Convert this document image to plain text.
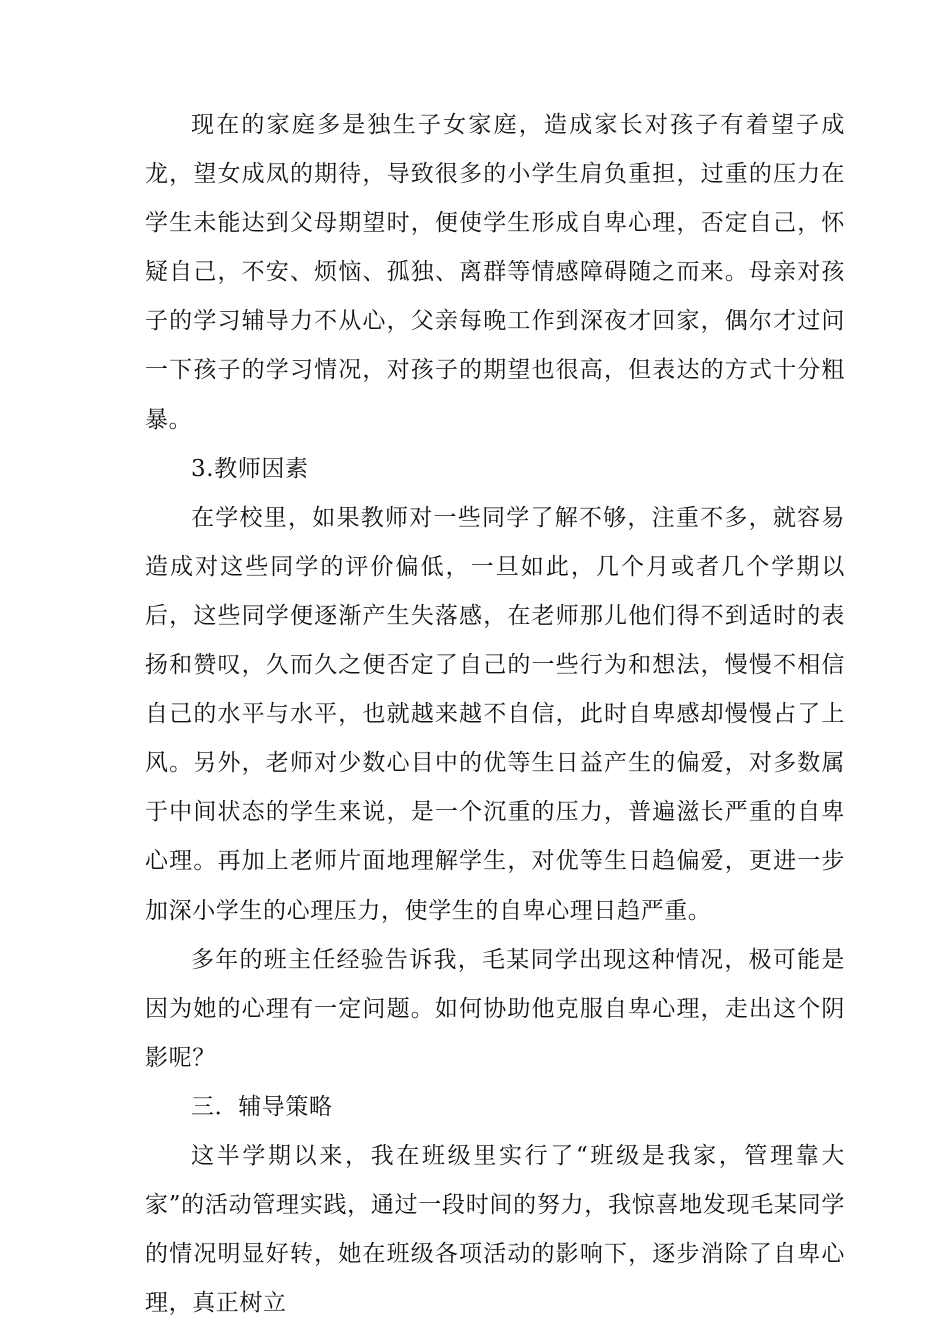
现在的家庭多是独生子女家庭，造成家长对孩子有着望子成龙，望女成凤的期待，导致很多的小学生肩负重担，过重的压力在学生未能达到父母期望时，便使学生形成自卑心理，否定自己，怀疑自己，不安、烦恼、孤独、离群等情感障碍随之而来。母亲对孩子的学习辅导力不从心，父亲每晚工作到深夜才回家，偶尔才过问一下孩子的学习情况，对孩子的期望也很高，但表达的方式十分粗暴。

3.教师因素

在学校里，如果教师对一些同学了解不够，注重不多，就容易造成对这些同学的评价偏低，一旦如此，几个月或者几个学期以后，这些同学便逐渐产生失落感，在老师那儿他们得不到适时的表扬和赞叹，久而久之便否定了自己的一些行为和想法，慢慢不相信自己的水平与水平，也就越来越不自信，此时自卑感却慢慢占了上风。另外，老师对少数心目中的优等生日益产生的偏爱，对多数属于中间状态的学生来说，是一个沉重的压力，普遍滋长严重的自卑心理。再加上老师片面地理解学生，对优等生日趋偏爱，更进一步加深小学生的心理压力，使学生的自卑心理日趋严重。

多年的班主任经验告诉我，毛某同学出现这种情况，极可能是因为她的心理有一定问题。如何协助他克服自卑心理，走出这个阴影呢？

三．辅导策略

这半学期以来，我在班级里实行了“班级是我家，管理靠大家”的活动管理实践，通过一段时间的努力，我惊喜地发现毛某同学的情况明显好转，她在班级各项活动的影响下，逐步消除了自卑心理，真正树立
